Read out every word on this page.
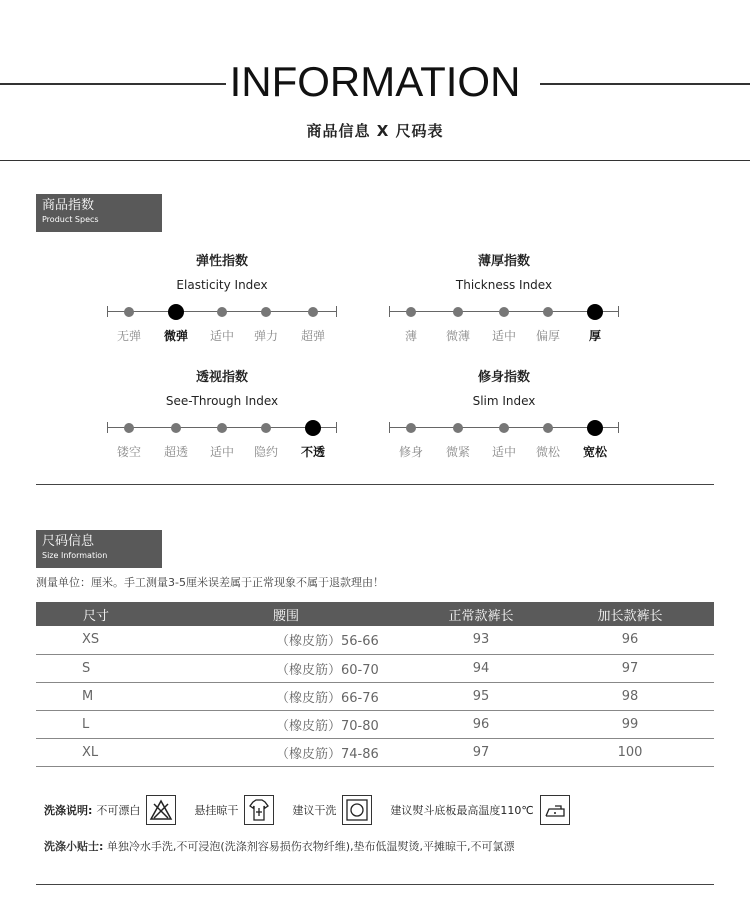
INFORMATION
商品信息 X 尺码表
商品指数
Product Specs
弹性指数
Elasticity Index
无弹	微弹	适中	弹力	超弹
薄厚指数
Thickness Index
薄	微薄	适中	偏厚	厚
透视指数
See-Through Index
镂空	超透	适中	隐约	不透
修身指数
Slim Index
修身	微紧	适中	微松	宽松
尺码信息
Size Information
测量单位：厘米。手工测量3-5厘米误差属于正常现象不属于退款理由！
尺寸	腰围	正常款裤长	加长款裤长
XS	（橡皮筋）56-66	93	96
S	（橡皮筋）60-70	94	97
M	（橡皮筋）66-76	95	98
L	（橡皮筋）70-80	96	99
XL	（橡皮筋）74-86	97	100
洗涤说明: 不可漂白	悬挂晾干	建议干洗	建议熨斗底板最高温度110℃
洗涤小贴士: 单独冷水手洗,不可浸泡(洗涤剂容易损伤衣物纤维),垫布低温熨烫,平摊晾干,不可氯漂
